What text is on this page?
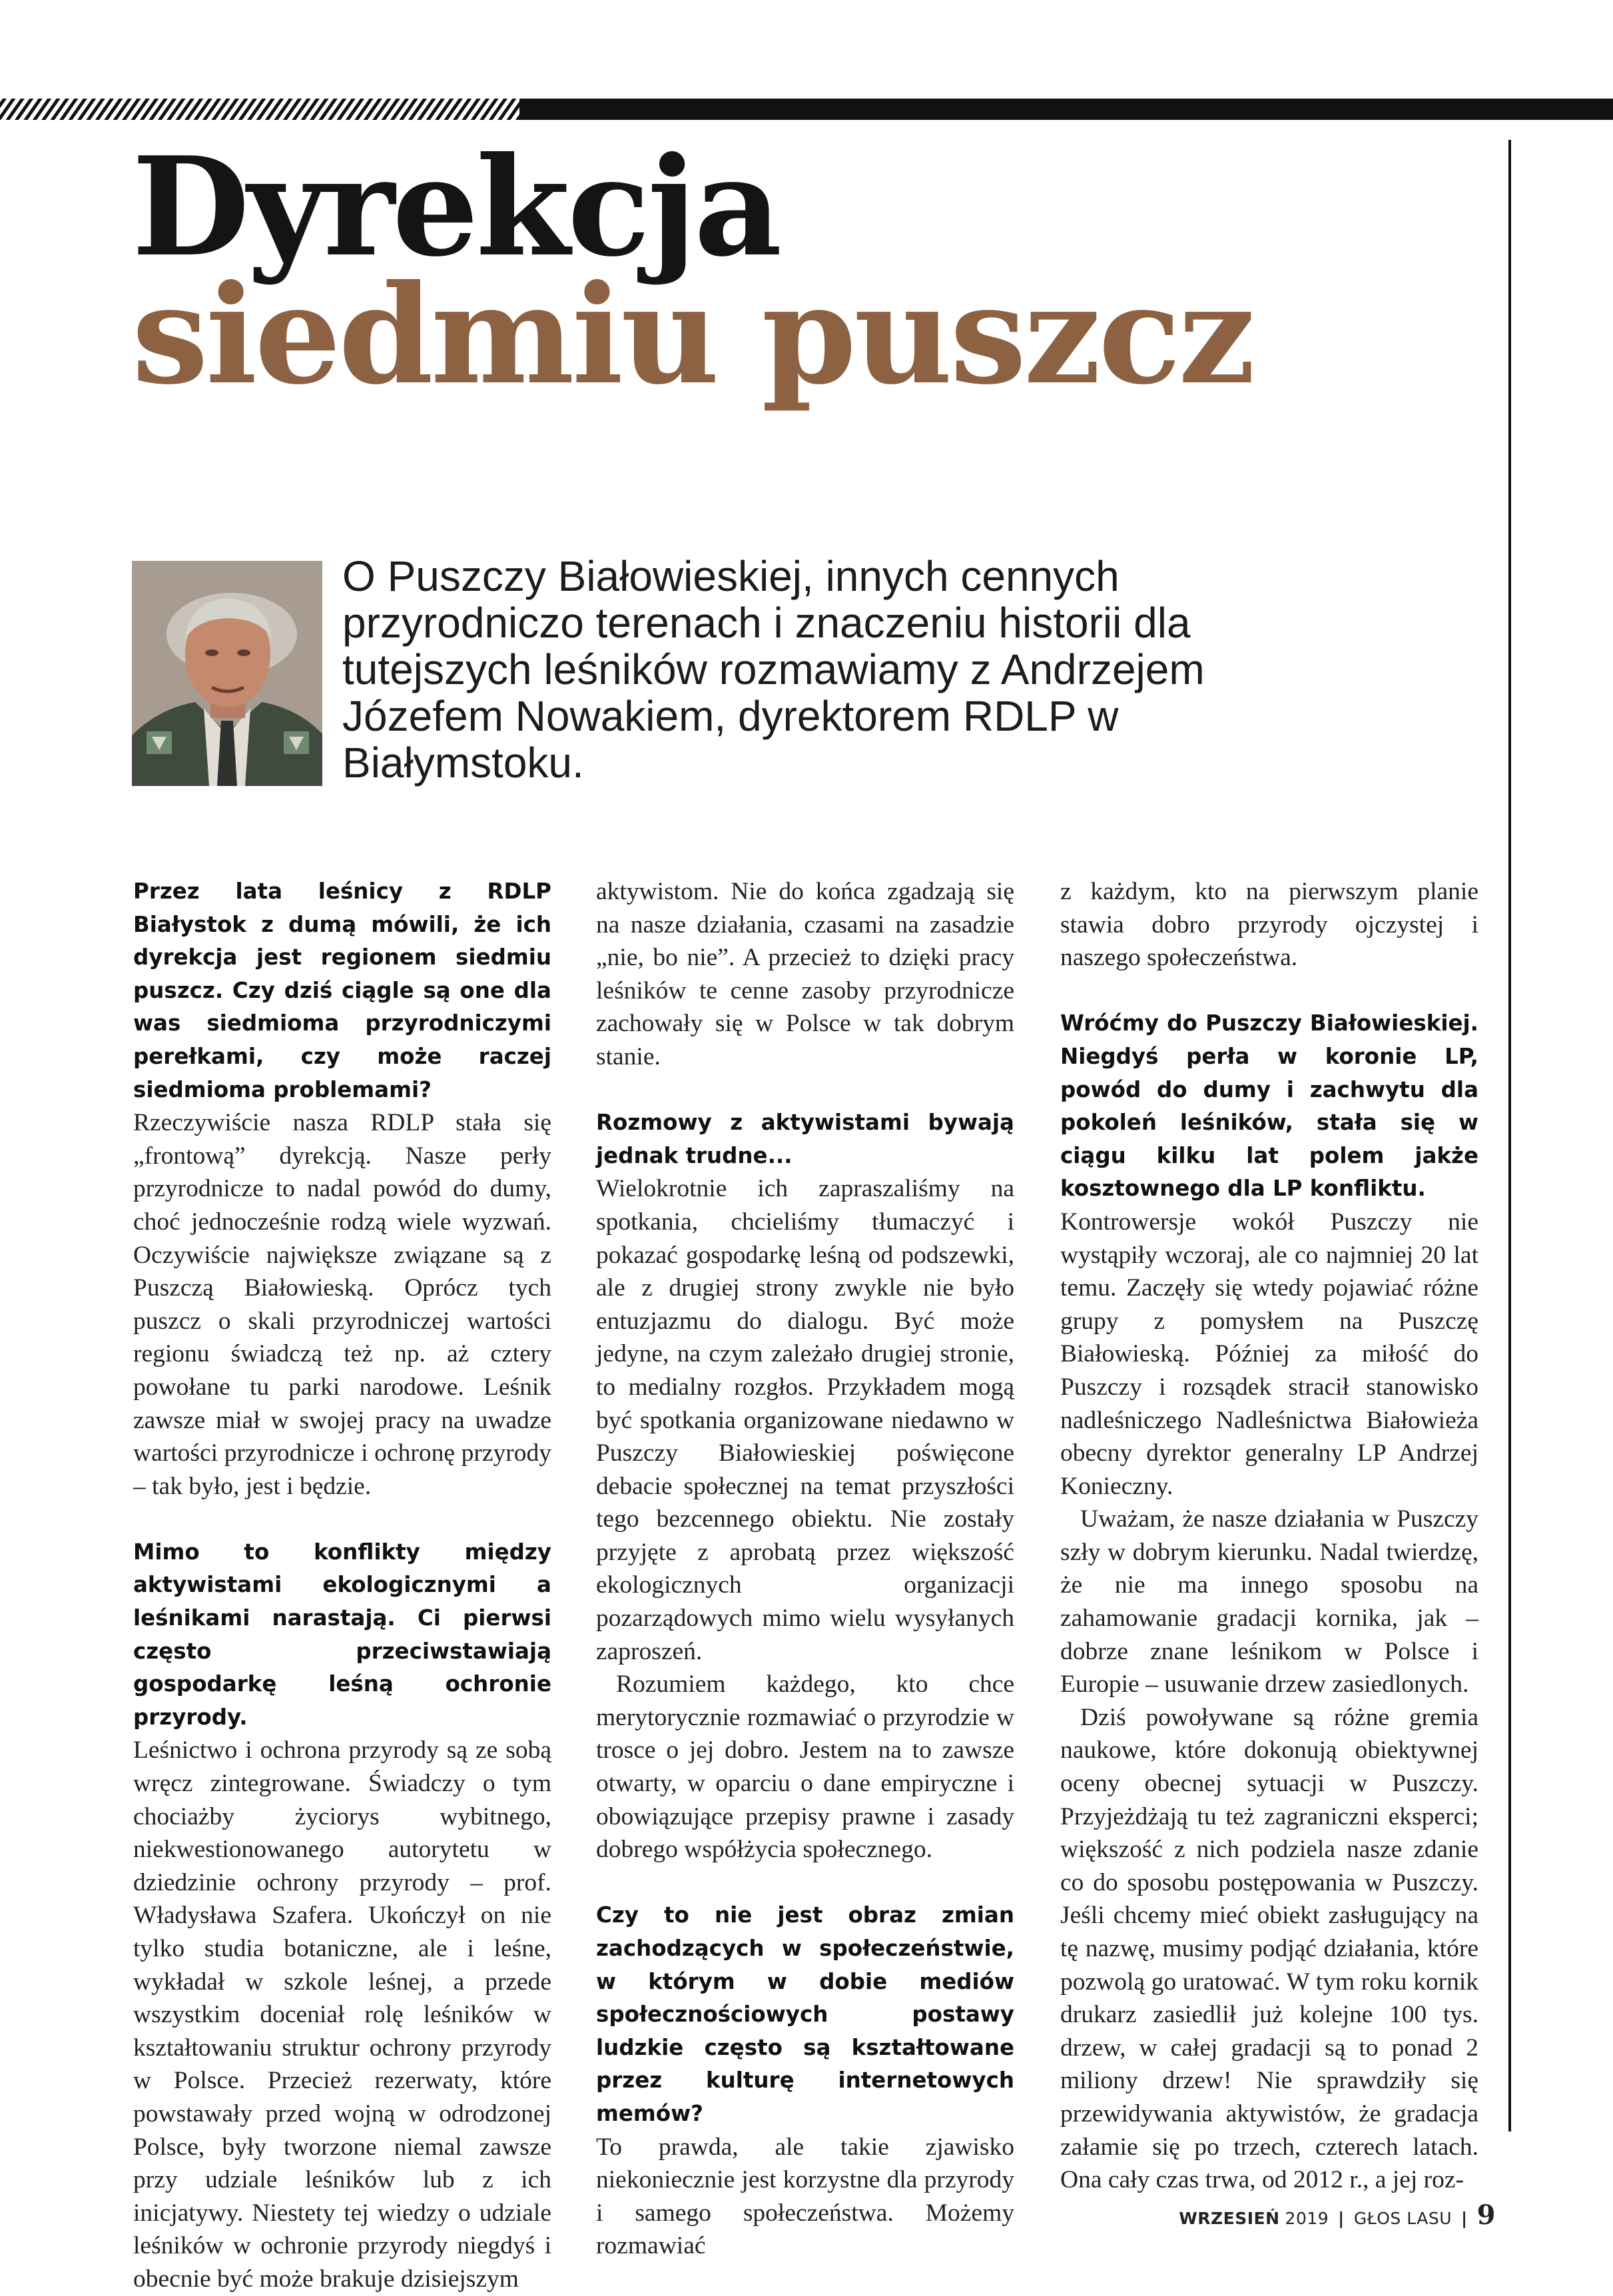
Dyrekcja
siedmiu puszcz

O Puszczy Białowieskiej, innych cennych przyrodniczo terenach i znaczeniu historii dla tutejszych leśników rozmawiamy z Andrzejem Józefem Nowakiem, dyrektorem RDLP w Białymstoku.

Przez lata leśnicy z RDLP Białystok z dumą mówili, że ich dyrekcja jest regionem siedmiu puszcz. Czy dziś ciągle są one dla was siedmioma przyrodniczymi perełkami, czy może raczej siedmioma problemami?

Rzeczywiście nasza RDLP stała się „frontową” dyrekcją. Nasze perły przyrodnicze to nadal powód do dumy, choć jednocześnie rodzą wiele wyzwań. Oczywiście największe związane są z Puszczą Białowieską. Oprócz tych puszcz o skali przyrodniczej wartości regionu świadczą też np. aż cztery powołane tu parki narodowe. Leśnik zawsze miał w swojej pracy na uwadze wartości przyrodnicze i ochronę przyrody – tak było, jest i będzie.

Mimo to konflikty między aktywistami ekologicznymi a leśnikami narastają. Ci pierwsi często przeciwstawiają gospodarkę leśną ochronie przyrody.

Leśnictwo i ochrona przyrody są ze sobą wręcz zintegrowane. Świadczy o tym chociażby życiorys wybitnego, niekwestionowanego autorytetu w dziedzinie ochrony przyrody – prof. Władysława Szafera. Ukończył on nie tylko studia botaniczne, ale i leśne, wykładał w szkole leśnej, a przede wszystkim doceniał rolę leśników w kształtowaniu struktur ochrony przyrody w Polsce. Przecież rezerwaty, które powstawały przed wojną w odrodzonej Polsce, były tworzone niemal zawsze przy udziale leśników lub z ich inicjatywy. Niestety tej wiedzy o udziale leśników w ochronie przyrody niegdyś i obecnie być może brakuje dzisiejszym

aktywistom. Nie do końca zgadzają się na nasze działania, czasami na zasadzie „nie, bo nie”. A przecież to dzięki pracy leśników te cenne zasoby przyrodnicze zachowały się w Polsce w tak dobrym stanie.

Rozmowy z aktywistami bywają jednak trudne...

Wielokrotnie ich zapraszaliśmy na spotkania, chcieliśmy tłumaczyć i pokazać gospodarkę leśną od podszewki, ale z drugiej strony zwykle nie było entuzjazmu do dialogu. Być może jedyne, na czym zależało drugiej stronie, to medialny rozgłos. Przykładem mogą być spotkania organizowane niedawno w Puszczy Białowieskiej poświęcone debacie społecznej na temat przyszłości tego bezcennego obiektu. Nie zostały przyjęte z aprobatą przez większość ekologicznych organizacji pozarządowych mimo wielu wysyłanych zaproszeń.

Rozumiem każdego, kto chce merytorycznie rozmawiać o przyrodzie w trosce o jej dobro. Jestem na to zawsze otwarty, w oparciu o dane empiryczne i obowiązujące przepisy prawne i zasady dobrego współżycia społecznego.

Czy to nie jest obraz zmian zachodzących w społeczeństwie, w którym w dobie mediów społecznościowych postawy ludzkie często są kształtowane przez kulturę internetowych memów?

To prawda, ale takie zjawisko niekoniecznie jest korzystne dla przyrody i samego społeczeństwa. Możemy rozmawiać

z każdym, kto na pierwszym planie stawia dobro przyrody ojczystej i naszego społeczeństwa.

Wróćmy do Puszczy Białowieskiej. Niegdyś perła w koronie LP, powód do dumy i zachwytu dla pokoleń leśników, stała się w ciągu kilku lat polem jakże kosztownego dla LP konfliktu.

Kontrowersje wokół Puszczy nie wystąpiły wczoraj, ale co najmniej 20 lat temu. Zaczęły się wtedy pojawiać różne grupy z pomysłem na Puszczę Białowieską. Później za miłość do Puszczy i rozsądek stracił stanowisko nadleśniczego Nadleśnictwa Białowieża obecny dyrektor generalny LP Andrzej Konieczny.

Uważam, że nasze działania w Puszczy szły w dobrym kierunku. Nadal twierdzę, że nie ma innego sposobu na zahamowanie gradacji kornika, jak – dobrze znane leśnikom w Polsce i Europie – usuwanie drzew zasiedlonych.

Dziś powoływane są różne gremia naukowe, które dokonują obiektywnej oceny obecnej sytuacji w Puszczy. Przyjeżdżają tu też zagraniczni eksperci; większość z nich podziela nasze zdanie co do sposobu postępowania w Puszczy. Jeśli chcemy mieć obiekt zasługujący na tę nazwę, musimy podjąć działania, które pozwolą go uratować. W tym roku kornik drukarz zasiedlił już kolejne 100 tys. drzew, w całej gradacji są to ponad 2 miliony drzew! Nie sprawdziły się przewidywania aktywistów, że gradacja załamie się po trzech, czterech latach. Ona cały czas trwa, od 2012 r., a jej roz-

WRZESIEŃ 2019 | GŁOS LASU | 9
